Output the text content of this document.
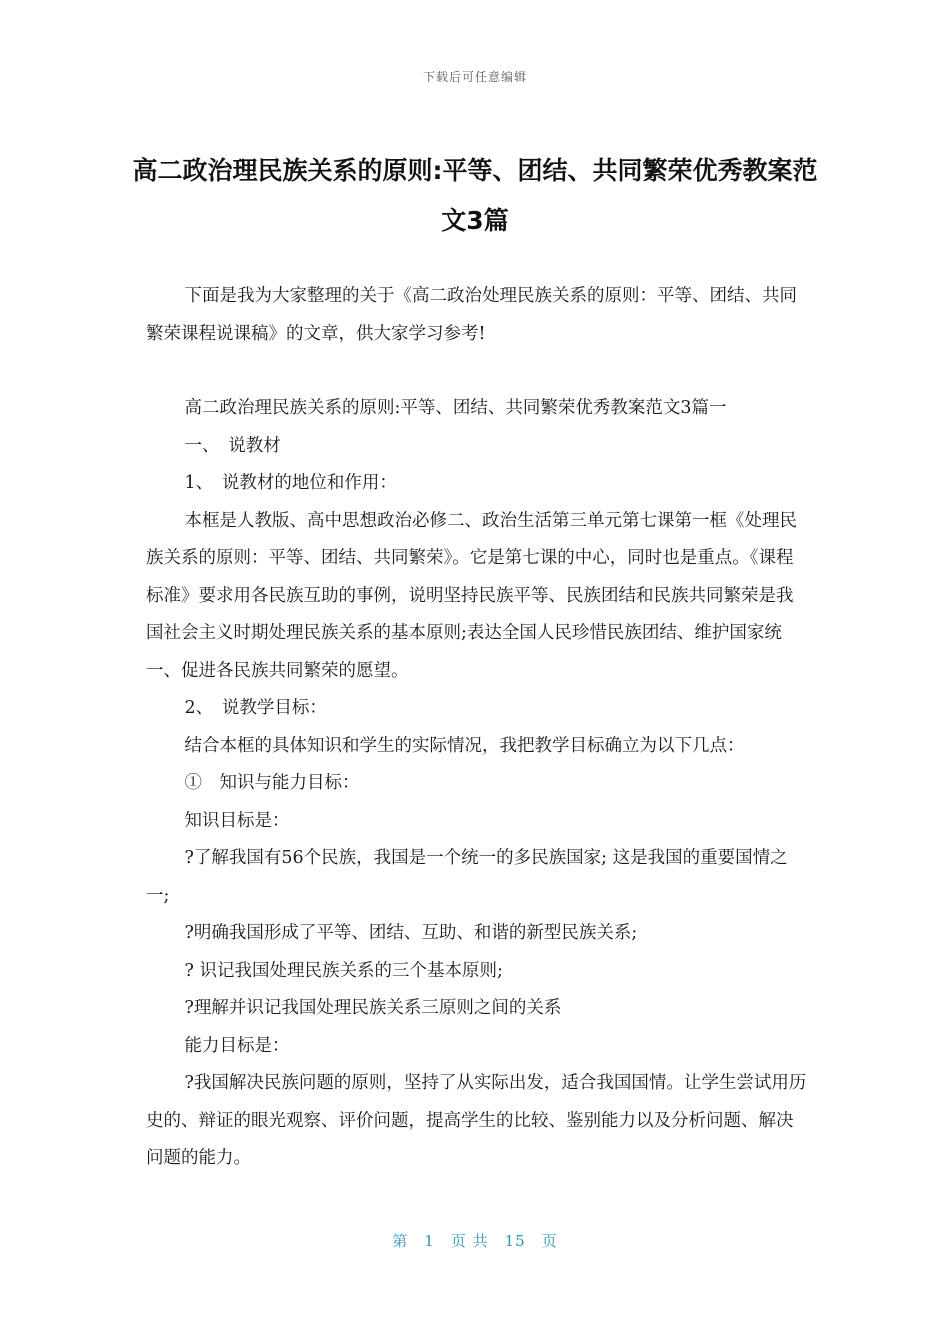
下载后可任意编辑
高二政治理民族关系的原则:平等、团结、共同繁荣优秀教案范文3篇

下面是我为大家整理的关于《高二政治处理民族关系的原则：平等、团结、共同繁荣课程说课稿》的文章，供大家学习参考!

高二政治理民族关系的原则:平等、团结、共同繁荣优秀教案范文3篇一

一、　说教材

1、　说教材的地位和作用：

本框是人教版、高中思想政治必修二、政治生活第三单元第七课第一框《处理民族关系的原则：平等、团结、共同繁荣》。它是第七课的中心，同时也是重点。《课程标准》要求用各民族互助的事例，说明坚持民族平等、民族团结和民族共同繁荣是我国社会主义时期处理民族关系的基本原则;表达全国人民珍惜民族团结、维护国家统一、促进各民族共同繁荣的愿望。

2、　说教学目标：

结合本框的具体知识和学生的实际情况，我把教学目标确立为以下几点：

①　知识与能力目标：

知识目标是：

?了解我国有56个民族，我国是一个统一的多民族国家; 这是我国的重要国情之一;

?明确我国形成了平等、团结、互助、和谐的新型民族关系;

? 识记我国处理民族关系的三个基本原则;

?理解并识记我国处理民族关系三原则之间的关系

能力目标是：

?我国解决民族问题的原则，坚持了从实际出发，适合我国国情。让学生尝试用历史的、辩证的眼光观察、评价问题，提高学生的比较、鉴别能力以及分析问题、解决问题的能力。

第 1 页 共 15 页
